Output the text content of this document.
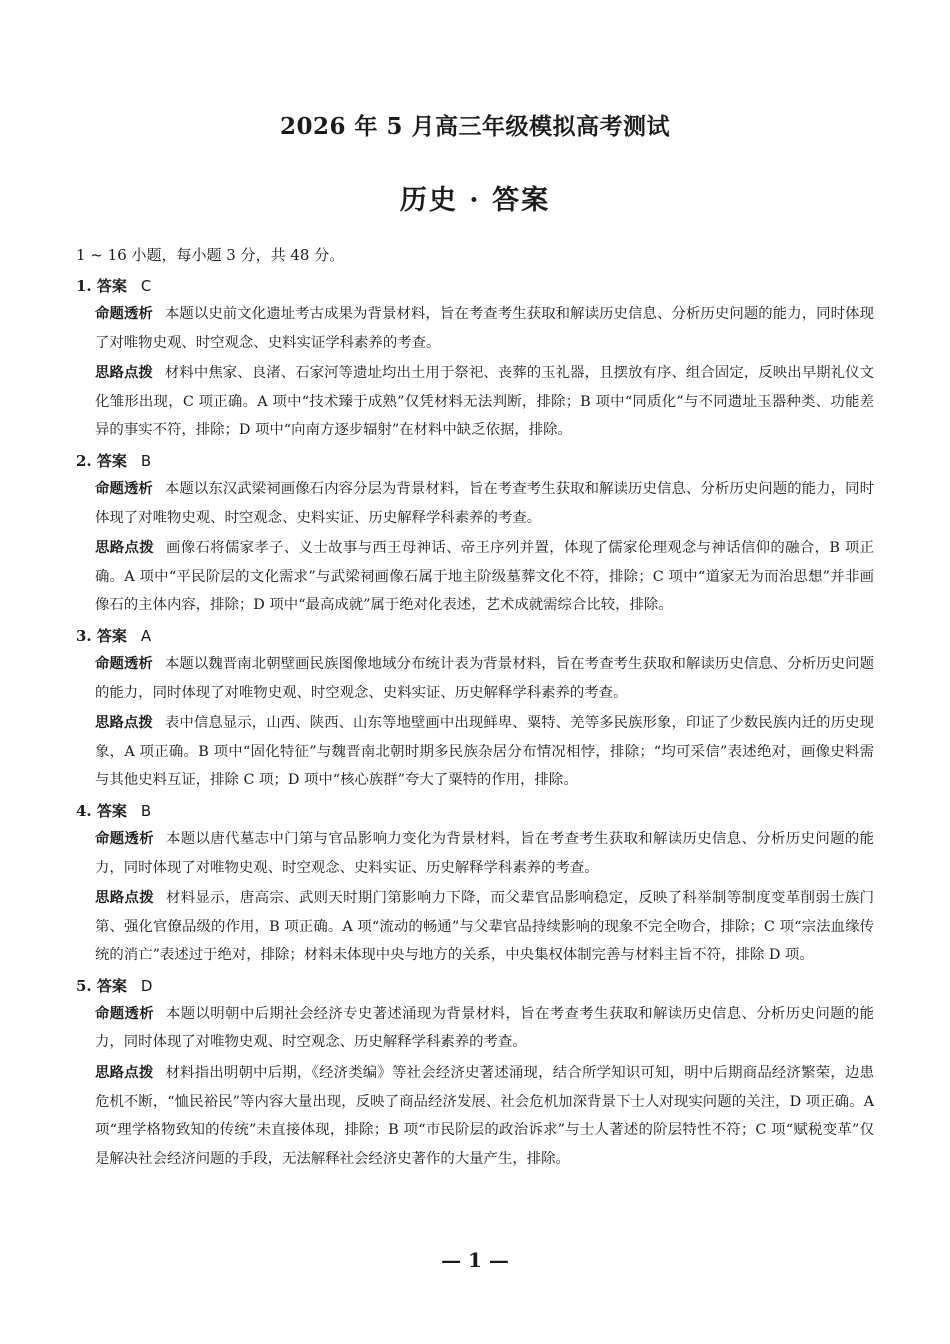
2026 年 5 月高三年级模拟高考测试
历史 · 答案

1 ~ 16 小题，每小题 3 分，共 48 分。

1. 答案 C

命题透析 本题以史前文化遗址考古成果为背景材料，旨在考查考生获取和解读历史信息、分析历史问题的能力，同时体现了对唯物史观、时空观念、史料实证学科素养的考查。

思路点拨 材料中焦家、良渚、石家河等遗址均出土用于祭祀、丧葬的玉礼器，且摆放有序、组合固定，反映出早期礼仪文化雏形出现，C 项正确。A 项中“技术臻于成熟”仅凭材料无法判断，排除；B 项中“同质化”与不同遗址玉器种类、功能差异的事实不符，排除；D 项中“向南方逐步辐射”在材料中缺乏依据，排除。

2. 答案 B

命题透析 本题以东汉武梁祠画像石内容分层为背景材料，旨在考查考生获取和解读历史信息、分析历史问题的能力，同时体现了对唯物史观、时空观念、史料实证、历史解释学科素养的考查。

思路点拨 画像石将儒家孝子、义士故事与西王母神话、帝王序列并置，体现了儒家伦理观念与神话信仰的融合，B 项正确。A 项中“平民阶层的文化需求”与武梁祠画像石属于地主阶级墓葬文化不符，排除；C 项中“道家无为而治思想”并非画像石的主体内容，排除；D 项中“最高成就”属于绝对化表述，艺术成就需综合比较，排除。

3. 答案 A

命题透析 本题以魏晋南北朝壁画民族图像地域分布统计表为背景材料，旨在考查考生获取和解读历史信息、分析历史问题的能力，同时体现了对唯物史观、时空观念、史料实证、历史解释学科素养的考查。

思路点拨 表中信息显示，山西、陕西、山东等地壁画中出现鲜卑、粟特、羌等多民族形象，印证了少数民族内迁的历史现象，A 项正确。B 项中“固化特征”与魏晋南北朝时期多民族杂居分布情况相悖，排除；“均可采信”表述绝对，画像史料需与其他史料互证，排除 C 项；D 项中“核心族群”夸大了粟特的作用，排除。

4. 答案 B

命题透析 本题以唐代墓志中门第与官品影响力变化为背景材料，旨在考查考生获取和解读历史信息、分析历史问题的能力，同时体现了对唯物史观、时空观念、史料实证、历史解释学科素养的考查。

思路点拨 材料显示，唐高宗、武则天时期门第影响力下降，而父辈官品影响稳定，反映了科举制等制度变革削弱士族门第、强化官僚品级的作用，B 项正确。A 项“流动的畅通”与父辈官品持续影响的现象不完全吻合，排除；C 项“宗法血缘传统的消亡”表述过于绝对，排除；材料未体现中央与地方的关系，中央集权体制完善与材料主旨不符，排除 D 项。

5. 答案 D

命题透析 本题以明朝中后期社会经济专史著述涌现为背景材料，旨在考查考生获取和解读历史信息、分析历史问题的能力，同时体现了对唯物史观、时空观念、历史解释学科素养的考查。

思路点拨 材料指出明朝中后期，《经济类编》等社会经济史著述涌现，结合所学知识可知，明中后期商品经济繁荣，边患危机不断，“恤民裕民”等内容大量出现，反映了商品经济发展、社会危机加深背景下士人对现实问题的关注，D 项正确。A 项“理学格物致知的传统”未直接体现，排除；B 项“市民阶层的政治诉求”与士人著述的阶层特性不符；C 项“赋税变革”仅是解决社会经济问题的手段，无法解释社会经济史著作的大量产生，排除。

— 1 —
